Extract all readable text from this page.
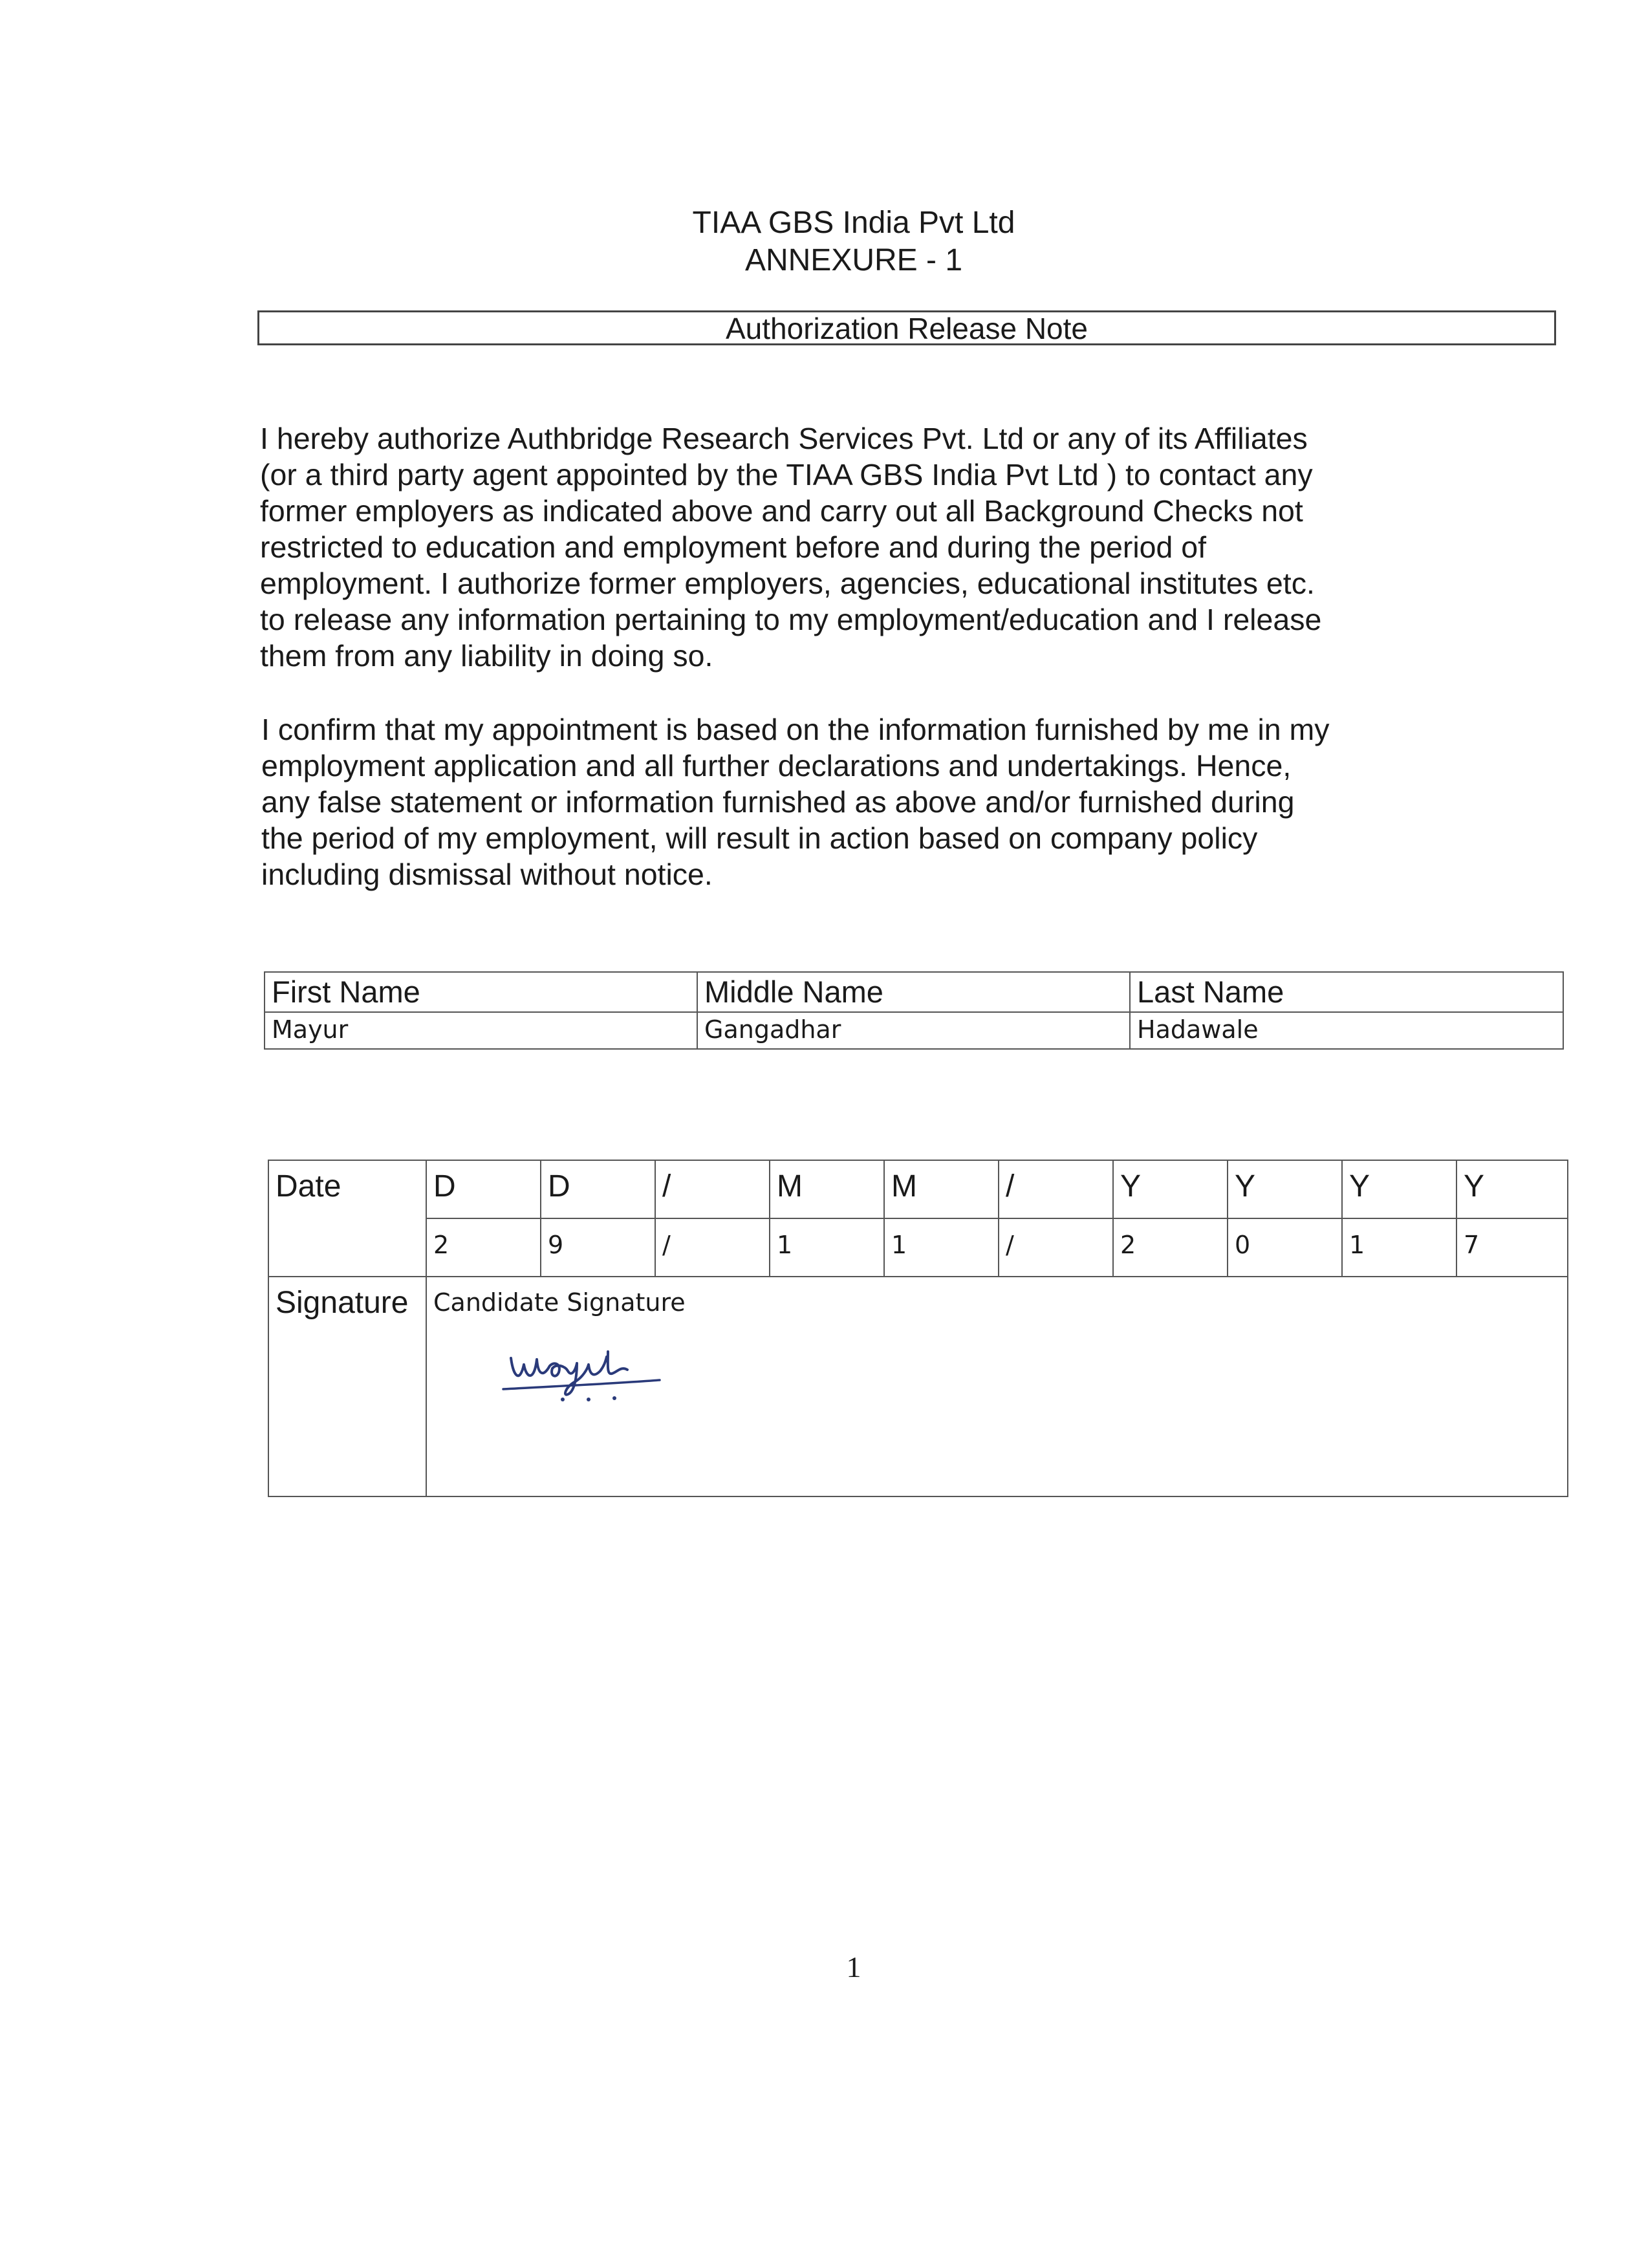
TIAA GBS India Pvt Ltd
ANNEXURE - 1
Authorization Release Note
I hereby authorize Authbridge Research Services Pvt. Ltd or any of its Affiliates
(or a third party agent appointed by the TIAA GBS India Pvt Ltd ) to contact any
former employers as indicated above and carry out all Background Checks not
restricted to education and employment before and during the period of
employment. I authorize former employers, agencies, educational institutes etc.
to release any information pertaining to my employment/education and I release
them from any liability in doing so.
I confirm that my appointment is based on the information furnished by me in my
employment application and all further declarations and undertakings. Hence,
any false statement or information furnished as above and/or furnished during
the period of my employment, will result in action based on company policy
including dismissal without notice.
First Name	Middle Name	Last Name
Mayur	Gangadhar	Hadawale
Date	D	D	/	M	M	/	Y	Y	Y	Y
	2	9	/	1	1	/	2	0	1	7
Signature	Candidate Signature									
1
